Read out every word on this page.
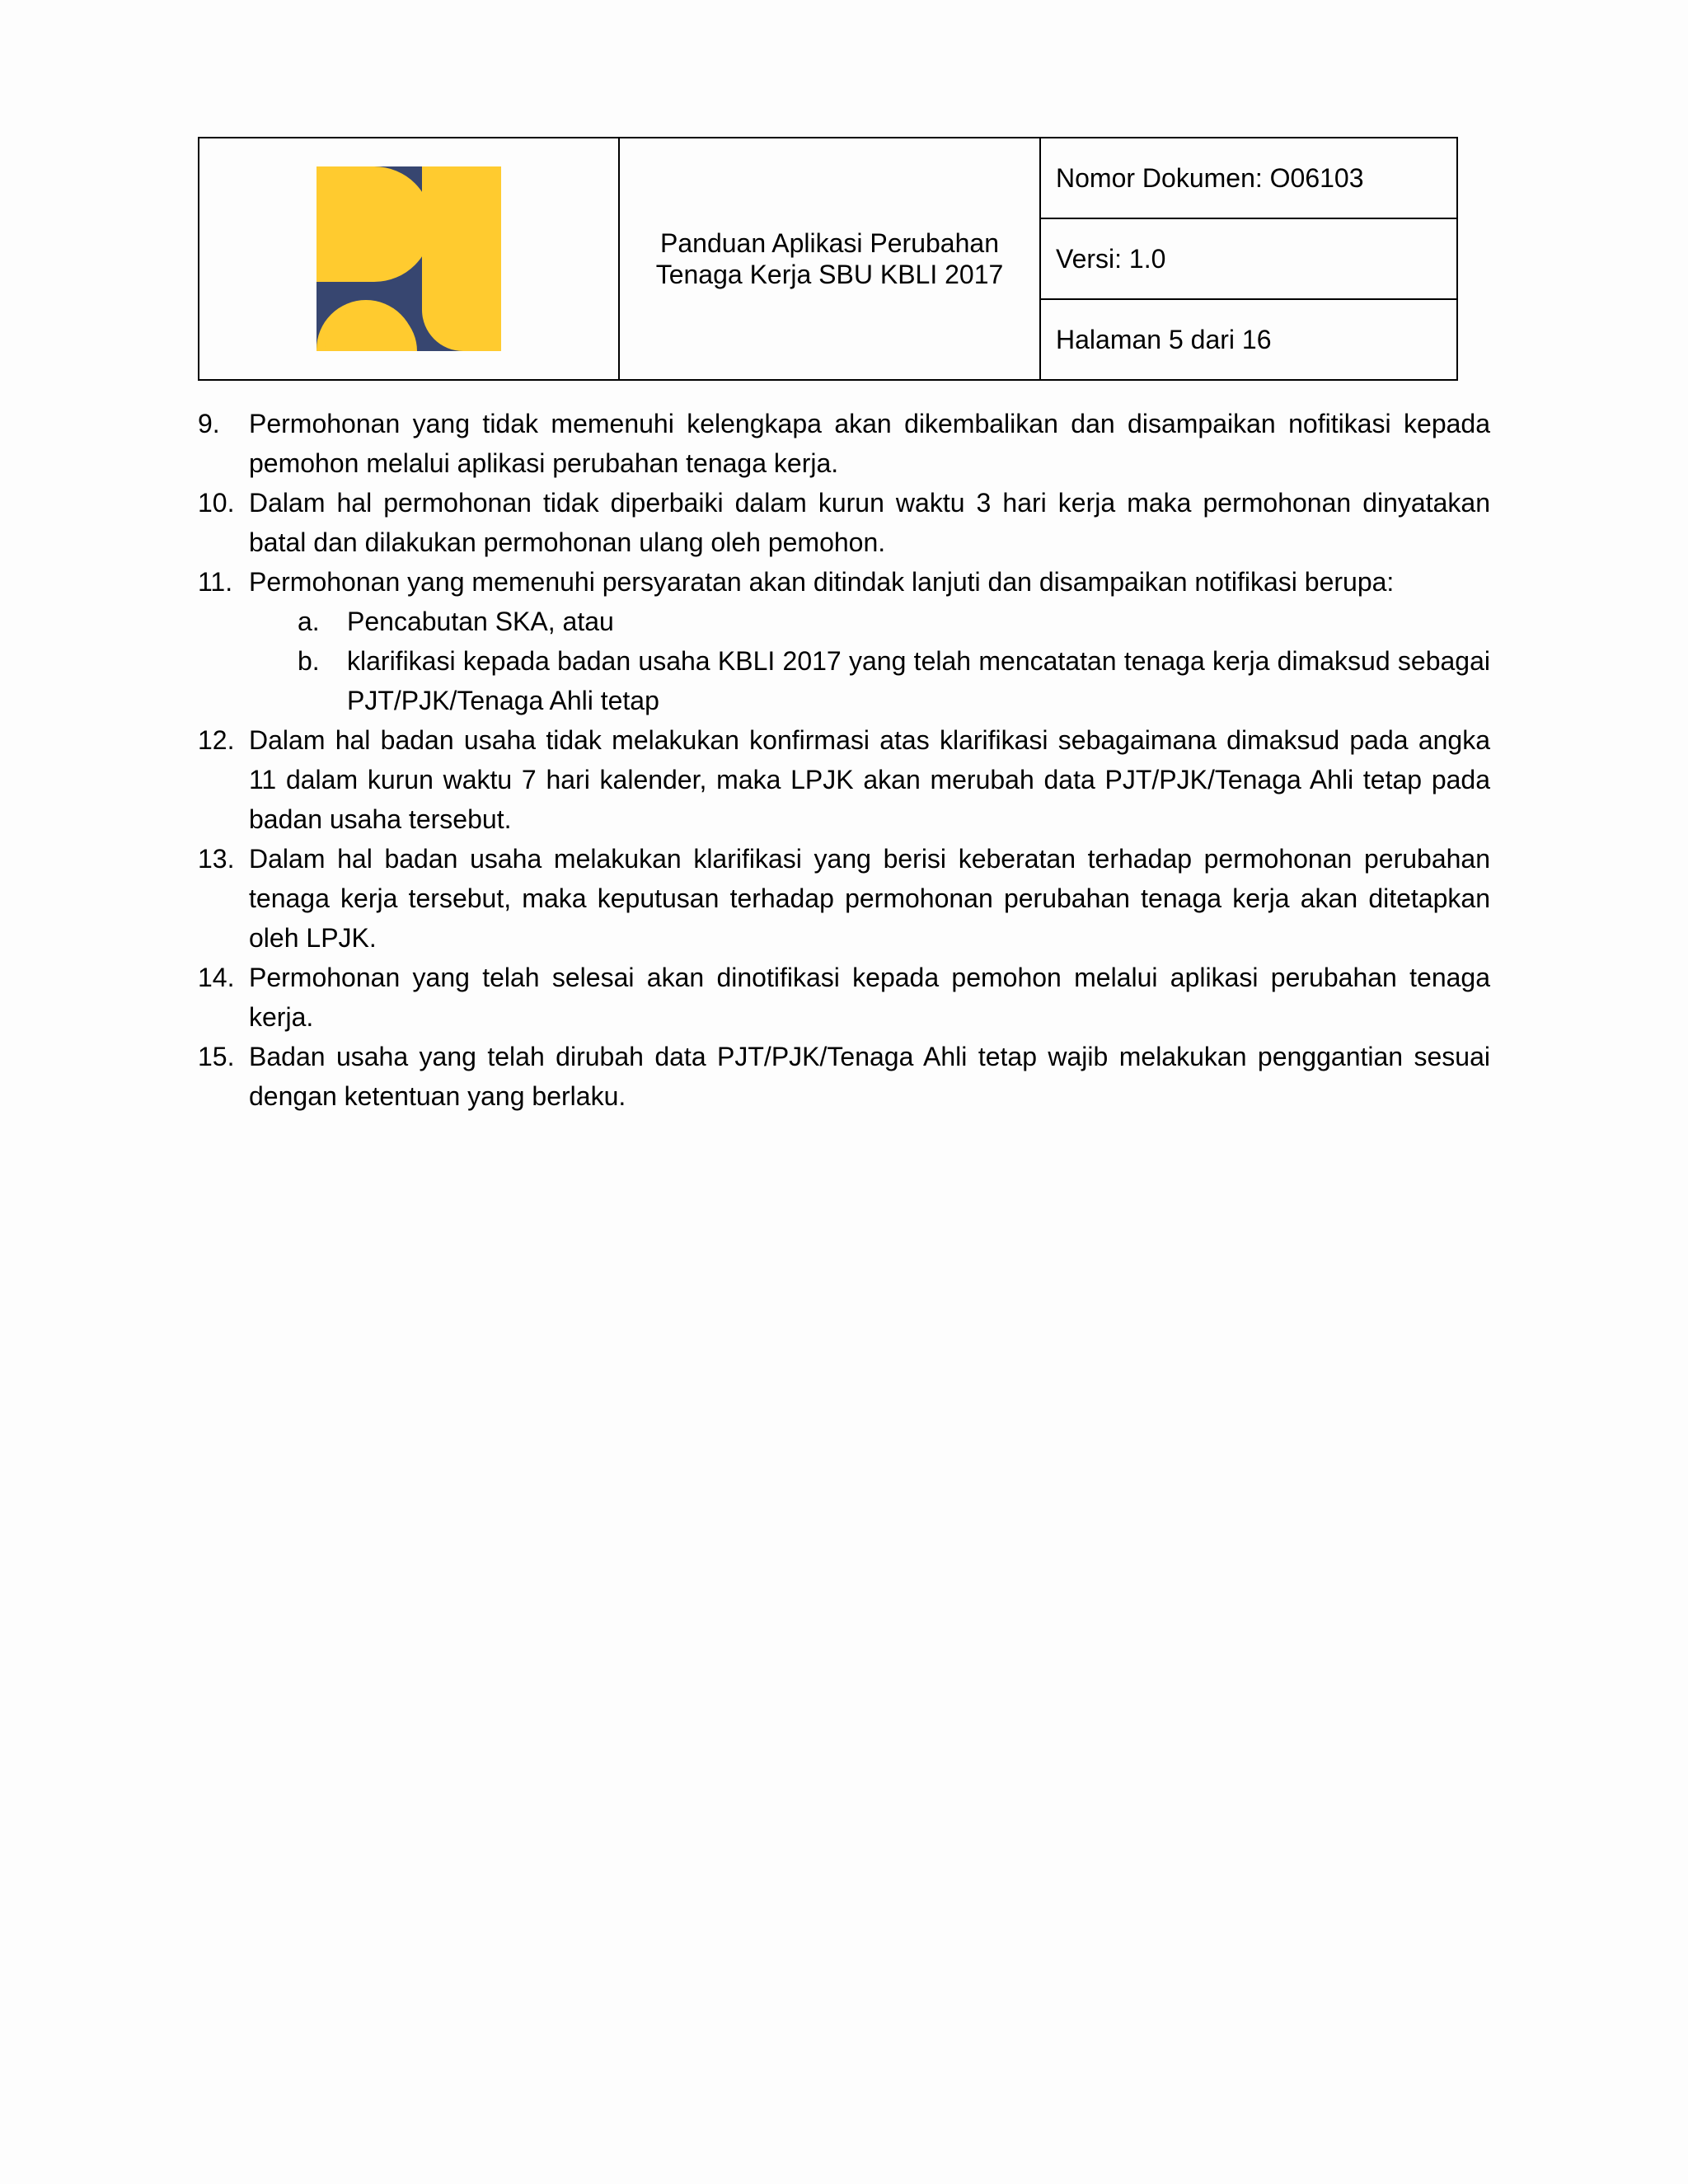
Panduan Aplikasi Perubahan
Tenaga Kerja SBU KBLI 2017
	Nomor Dokumen: O06103
Versi: 1.0
Halaman 5 dari 16
9. Permohonan yang tidak memenuhi kelengkapa akan dikembalikan dan disampaikan nofitikasi kepada pemohon melalui aplikasi perubahan tenaga kerja.
10. Dalam hal permohonan tidak diperbaiki dalam kurun waktu 3 hari kerja maka permohonan dinyatakan batal dan dilakukan permohonan ulang oleh pemohon.
11. Permohonan yang memenuhi persyaratan akan ditindak lanjuti dan disampaikan notifikasi berupa:
a. Pencabutan SKA, atau
b. klarifikasi kepada badan usaha KBLI 2017 yang telah mencatatan tenaga kerja dimaksud sebagai PJT/PJK/Tenaga Ahli tetap
12. Dalam hal badan usaha tidak melakukan konfirmasi atas klarifikasi sebagaimana dimaksud pada angka 11 dalam kurun waktu 7 hari kalender, maka LPJK akan merubah data PJT/PJK/Tenaga Ahli tetap pada badan usaha tersebut.
13. Dalam hal badan usaha melakukan klarifikasi yang berisi keberatan terhadap permohonan perubahan tenaga kerja tersebut, maka keputusan terhadap permohonan perubahan tenaga kerja akan ditetapkan oleh LPJK.
14. Permohonan yang telah selesai akan dinotifikasi kepada pemohon melalui aplikasi perubahan tenaga kerja.
15. Badan usaha yang telah dirubah data PJT/PJK/Tenaga Ahli tetap wajib melakukan penggantian sesuai dengan ketentuan yang berlaku.
